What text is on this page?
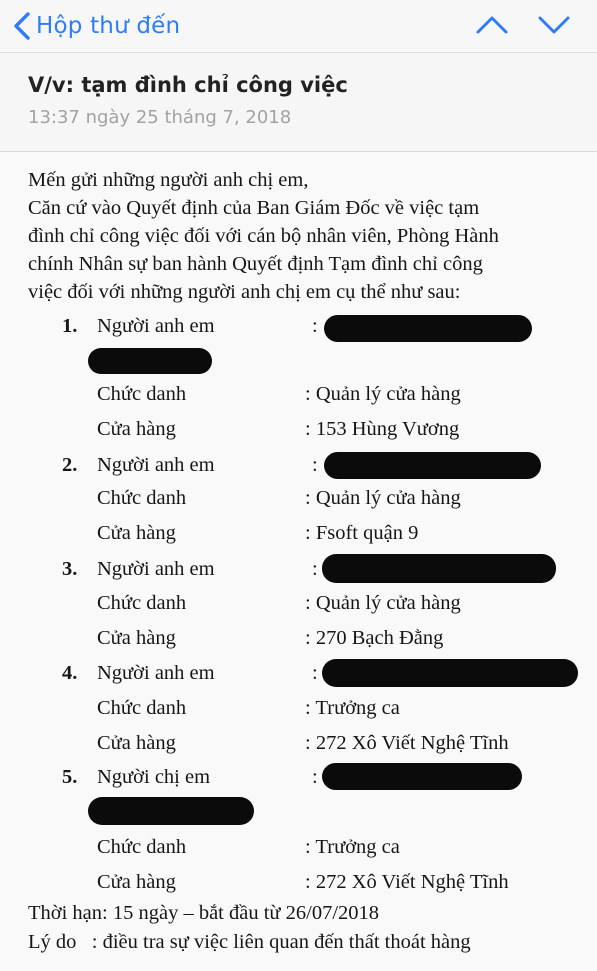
Hộp thư đến
V/v: tạm đình chỉ công việc
13:37 ngày 25 tháng 7, 2018
Mến gửi những người anh chị em,
Căn cứ vào Quyết định của Ban Giám Đốc về việc tạm
đình chỉ công việc đối với cán bộ nhân viên, Phòng Hành
chính Nhân sự ban hành Quyết định Tạm đình chỉ công
việc đối với những người anh chị em cụ thể như sau:
1. Người anh em	:
Chức danh	: Quản lý cửa hàng
Cửa hàng	: 153 Hùng Vương
2. Người anh em	:
Chức danh	: Quản lý cửa hàng
Cửa hàng	: Fsoft quận 9
3. Người anh em	:
Chức danh	: Quản lý cửa hàng
Cửa hàng	: 270 Bạch Đằng
4. Người anh em	:
Chức danh	: Trưởng ca
Cửa hàng	: 272 Xô Viết Nghệ Tĩnh
5. Người chị em	:
Chức danh	: Trưởng ca
Cửa hàng	: 272 Xô Viết Nghệ Tĩnh
Thời hạn: 15 ngày – bắt đầu từ 26/07/2018
Lý do   : điều tra sự việc liên quan đến thất thoát hàng
